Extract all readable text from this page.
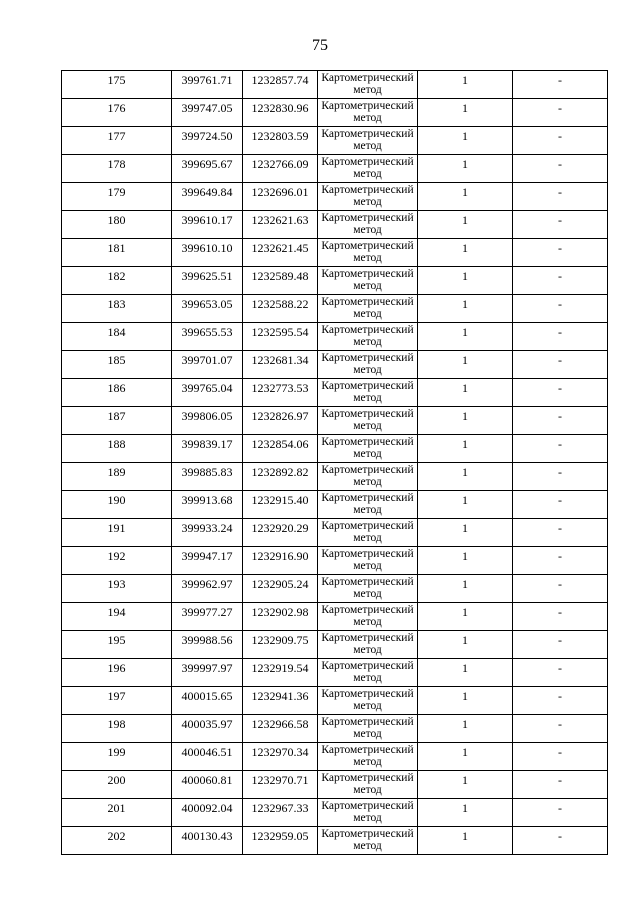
75
175	399761.71	1232857.74	Картометрический метод	1	-

176	399747.05	1232830.96	Картометрический метод	1	-

177	399724.50	1232803.59	Картометрический метод	1	-

178	399695.67	1232766.09	Картометрический метод	1	-

179	399649.84	1232696.01	Картометрический метод	1	-

180	399610.17	1232621.63	Картометрический метод	1	-

181	399610.10	1232621.45	Картометрический метод	1	-

182	399625.51	1232589.48	Картометрический метод	1	-

183	399653.05	1232588.22	Картометрический метод	1	-

184	399655.53	1232595.54	Картометрический метод	1	-

185	399701.07	1232681.34	Картометрический метод	1	-

186	399765.04	1232773.53	Картометрический метод	1	-

187	399806.05	1232826.97	Картометрический метод	1	-

188	399839.17	1232854.06	Картометрический метод	1	-

189	399885.83	1232892.82	Картометрический метод	1	-

190	399913.68	1232915.40	Картометрический метод	1	-

191	399933.24	1232920.29	Картометрический метод	1	-

192	399947.17	1232916.90	Картометрический метод	1	-

193	399962.97	1232905.24	Картометрический метод	1	-

194	399977.27	1232902.98	Картометрический метод	1	-

195	399988.56	1232909.75	Картометрический метод	1	-

196	399997.97	1232919.54	Картометрический метод	1	-

197	400015.65	1232941.36	Картометрический метод	1	-

198	400035.97	1232966.58	Картометрический метод	1	-

199	400046.51	1232970.34	Картометрический метод	1	-

200	400060.81	1232970.71	Картометрический метод	1	-

201	400092.04	1232967.33	Картометрический метод	1	-

202	400130.43	1232959.05	Картометрический метод	1	-
